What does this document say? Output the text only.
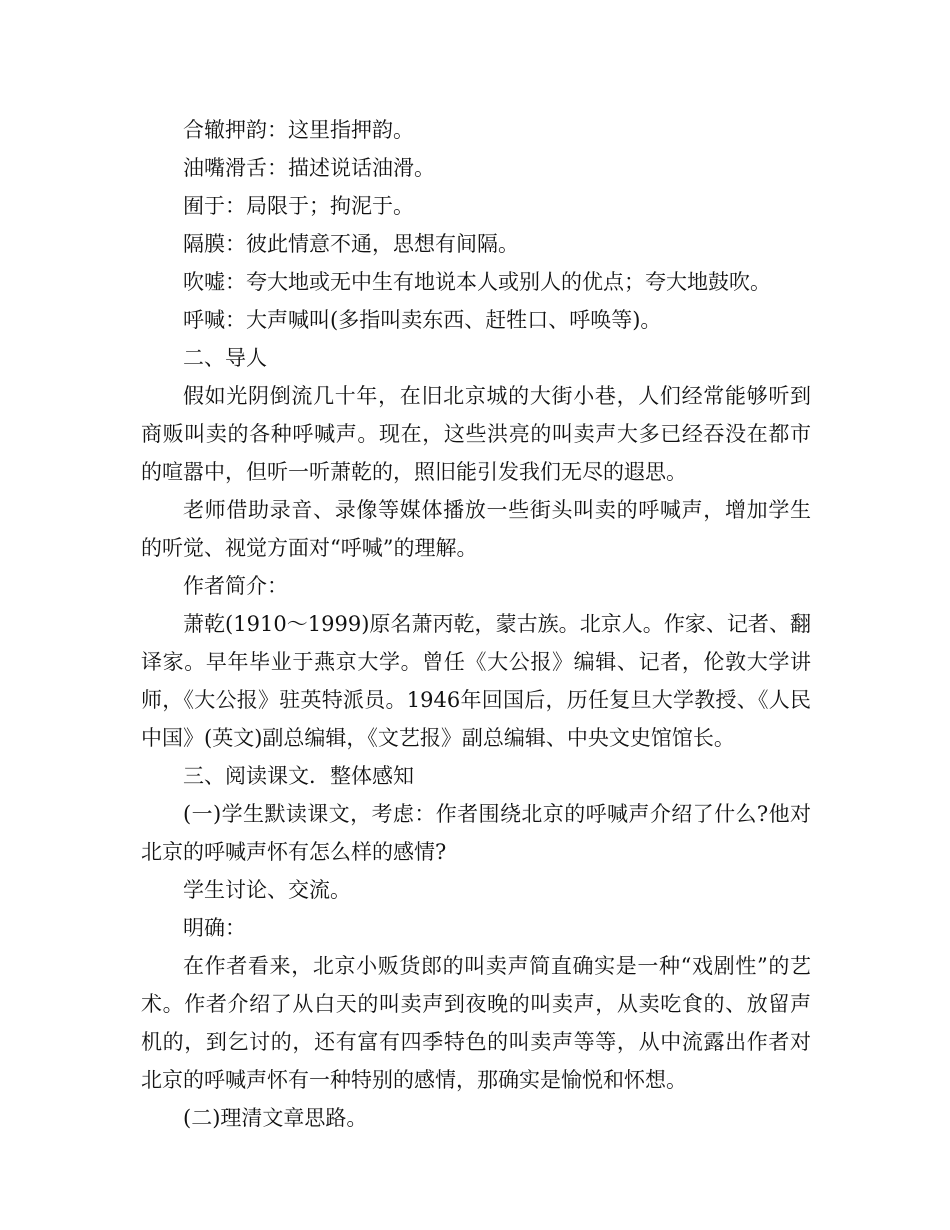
合辙押韵：这里指押韵。

油嘴滑舌：描述说话油滑。

囿于：局限于；拘泥于。

隔膜：彼此情意不通，思想有间隔。

吹嘘：夸大地或无中生有地说本人或别人的优点；夸大地鼓吹。

呼喊：大声喊叫(多指叫卖东西、赶牲口、呼唤等)。

二、导人

假如光阴倒流几十年，在旧北京城的大街小巷，人们经常能够听到商贩叫卖的各种呼喊声。现在，这些洪亮的叫卖声大多已经吞没在都市的喧嚣中，但听一听萧乾的，照旧能引发我们无尽的遐思。

老师借助录音、录像等媒体播放一些街头叫卖的呼喊声，增加学生的听觉、视觉方面对“呼喊”的理解。

作者简介：

萧乾(1910～1999)原名萧丙乾，蒙古族。北京人。作家、记者、翻译家。早年毕业于燕京大学。曾任《大公报》编辑、记者，伦敦大学讲师，《大公报》驻英特派员。1946年回国后，历任复旦大学教授、《人民中国》(英文)副总编辑，《文艺报》副总编辑、中央文史馆馆长。

三、阅读课文．整体感知

(一)学生默读课文，考虑：作者围绕北京的呼喊声介绍了什么?他对北京的呼喊声怀有怎么样的感情?

学生讨论、交流。

明确：

在作者看来，北京小贩货郎的叫卖声简直确实是一种“戏剧性”的艺术。作者介绍了从白天的叫卖声到夜晚的叫卖声，从卖吃食的、放留声机的，到乞讨的，还有富有四季特色的叫卖声等等，从中流露出作者对北京的呼喊声怀有一种特别的感情，那确实是愉悦和怀想。

(二)理清文章思路。
